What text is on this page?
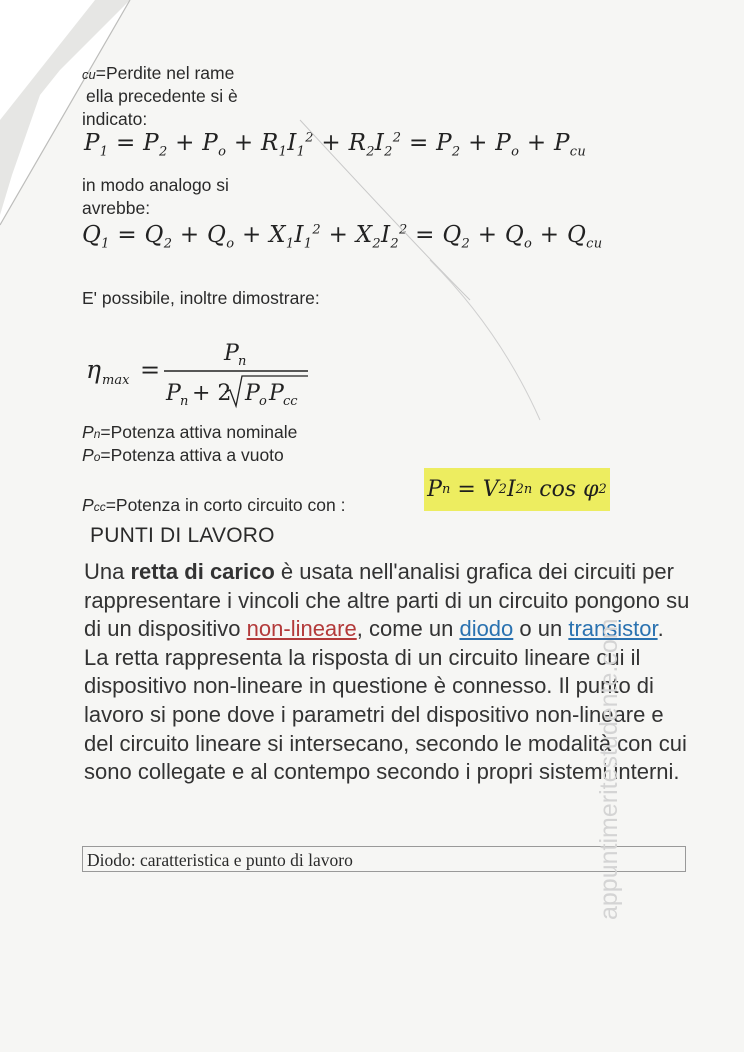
cu=Perdite nel rame
ella precedente si è
indicato:
$P_1 = P_2 + P_o + R_1I_1^2 + R_2I_2^2 = P_2 + P_o + P_{cu}$
in modo analogo si
avrebbe:
$Q_1 = Q_2 + Q_o + X_1I_1^2 + X_2I_2^2 = Q_2 + Q_o + Q_{cu}$
E' possibile, inoltre dimostrare:
η max =
P n
P n + 2 P o P cc
Pn=Potenza attiva nominale
Po=Potenza attiva a vuoto
Pcc=Potenza in corto circuito con :
P n = V 2 I 2n cos φ 2
PUNTI DI LAVORO
Una retta di carico è usata nell'analisi grafica dei circuiti per rappresentare i vincoli che altre parti di un circuito pongono su di un dispositivo non-lineare, come un diodo o un transistor. La retta rappresenta la risposta di un circuito lineare cui il dispositivo non-lineare in questione è connesso. Il punto di lavoro si pone dove i parametri del dispositivo non-lineare e del circuito lineare si intersecano, secondo le modalità con cui sono collegate e al contempo secondo i propri sistemi interni.
Diodo: caratteristica e punto di lavoro	appuntimeritestudente.com
